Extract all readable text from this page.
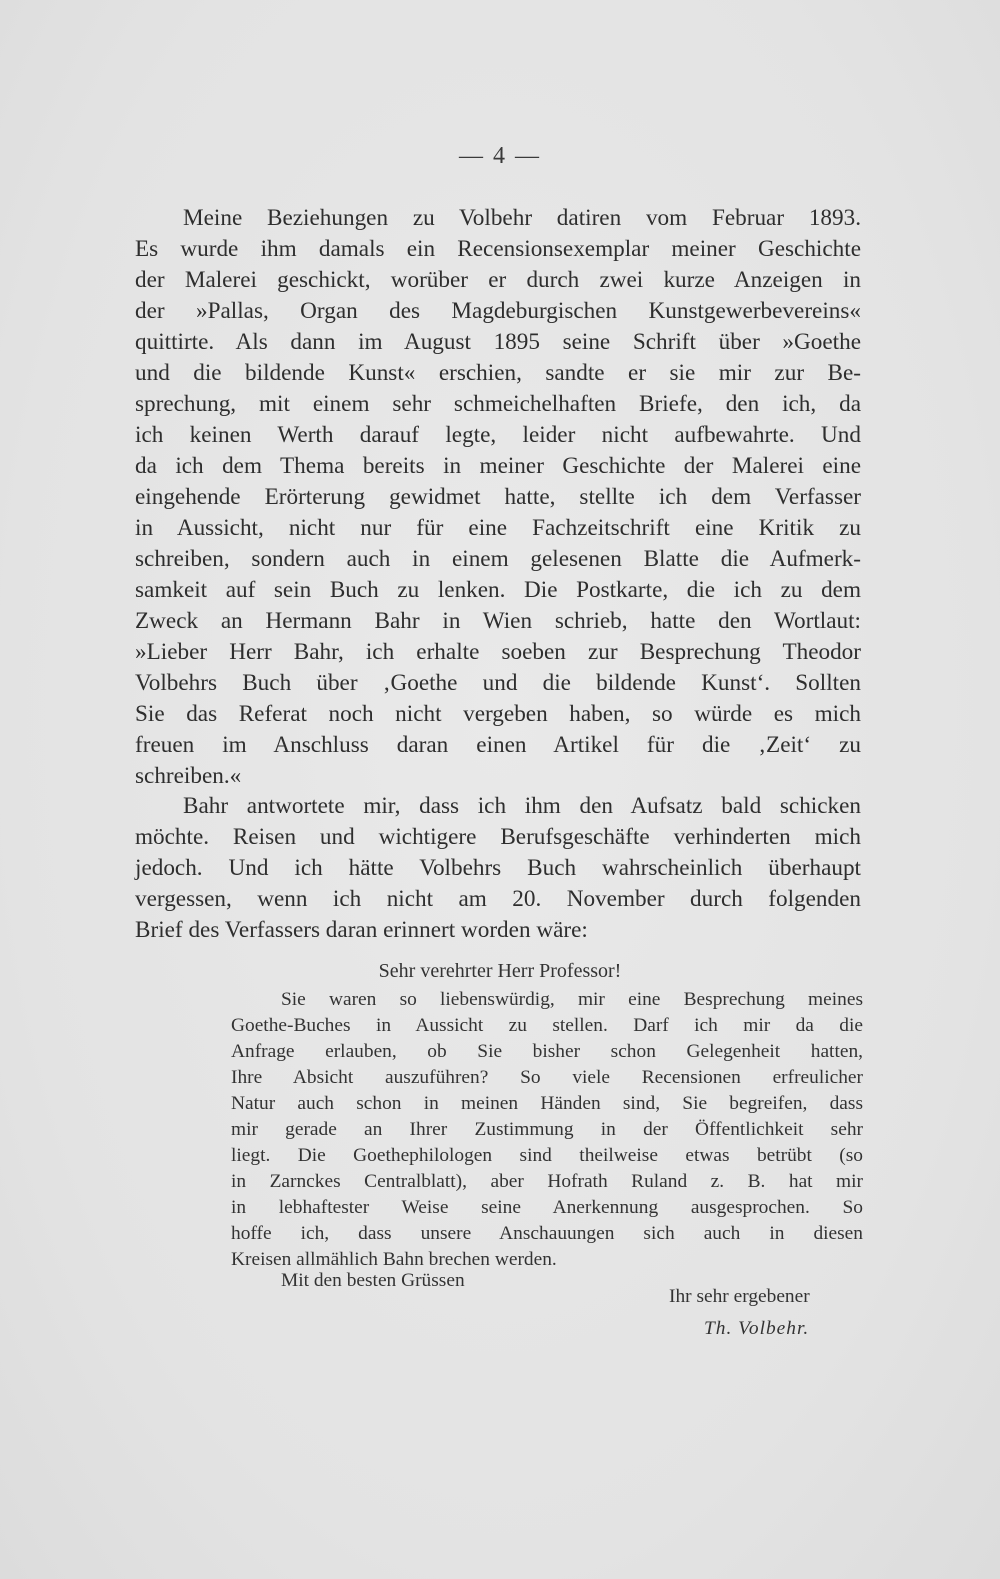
— 4 —
Meine Beziehungen zu Volbehr datiren vom Februar 1893.
Es wurde ihm damals ein Recensionsexemplar meiner Geschichte
der Malerei geschickt, worüber er durch zwei kurze Anzeigen in
der »Pallas, Organ des Magdeburgischen Kunstgewerbevereins«
quittirte. Als dann im August 1895 seine Schrift über »Goethe
und die bildende Kunst« erschien, sandte er sie mir zur Be-
sprechung, mit einem sehr schmeichelhaften Briefe, den ich, da
ich keinen Werth darauf legte, leider nicht aufbewahrte. Und
da ich dem Thema bereits in meiner Geschichte der Malerei eine
eingehende Erörterung gewidmet hatte, stellte ich dem Verfasser
in Aussicht, nicht nur für eine Fachzeitschrift eine Kritik zu
schreiben, sondern auch in einem gelesenen Blatte die Aufmerk-
samkeit auf sein Buch zu lenken. Die Postkarte, die ich zu dem
Zweck an Hermann Bahr in Wien schrieb, hatte den Wortlaut:
»Lieber Herr Bahr, ich erhalte soeben zur Besprechung Theodor
Volbehrs Buch über ‚Goethe und die bildende Kunst‘. Sollten
Sie das Referat noch nicht vergeben haben, so würde es mich
freuen im Anschluss daran einen Artikel für die ‚Zeit‘ zu
schreiben.«
Bahr antwortete mir, dass ich ihm den Aufsatz bald schicken
möchte. Reisen und wichtigere Berufsgeschäfte verhinderten mich
jedoch. Und ich hätte Volbehrs Buch wahrscheinlich überhaupt
vergessen, wenn ich nicht am 20. November durch folgenden
Brief des Verfassers daran erinnert worden wäre:
Sehr verehrter Herr Professor!
Sie waren so liebenswürdig, mir eine Besprechung meines
Goethe-Buches in Aussicht zu stellen. Darf ich mir da die
Anfrage erlauben, ob Sie bisher schon Gelegenheit hatten,
Ihre Absicht auszuführen? So viele Recensionen erfreulicher
Natur auch schon in meinen Händen sind, Sie begreifen, dass
mir gerade an Ihrer Zustimmung in der Öffentlichkeit sehr
liegt. Die Goethephilologen sind theilweise etwas betrübt (so
in Zarnckes Centralblatt), aber Hofrath Ruland z. B. hat mir
in lebhaftester Weise seine Anerkennung ausgesprochen. So
hoffe ich, dass unsere Anschauungen sich auch in diesen
Kreisen allmählich Bahn brechen werden.
Mit den besten Grüssen
Ihr sehr ergebener
Th. Volbehr.
